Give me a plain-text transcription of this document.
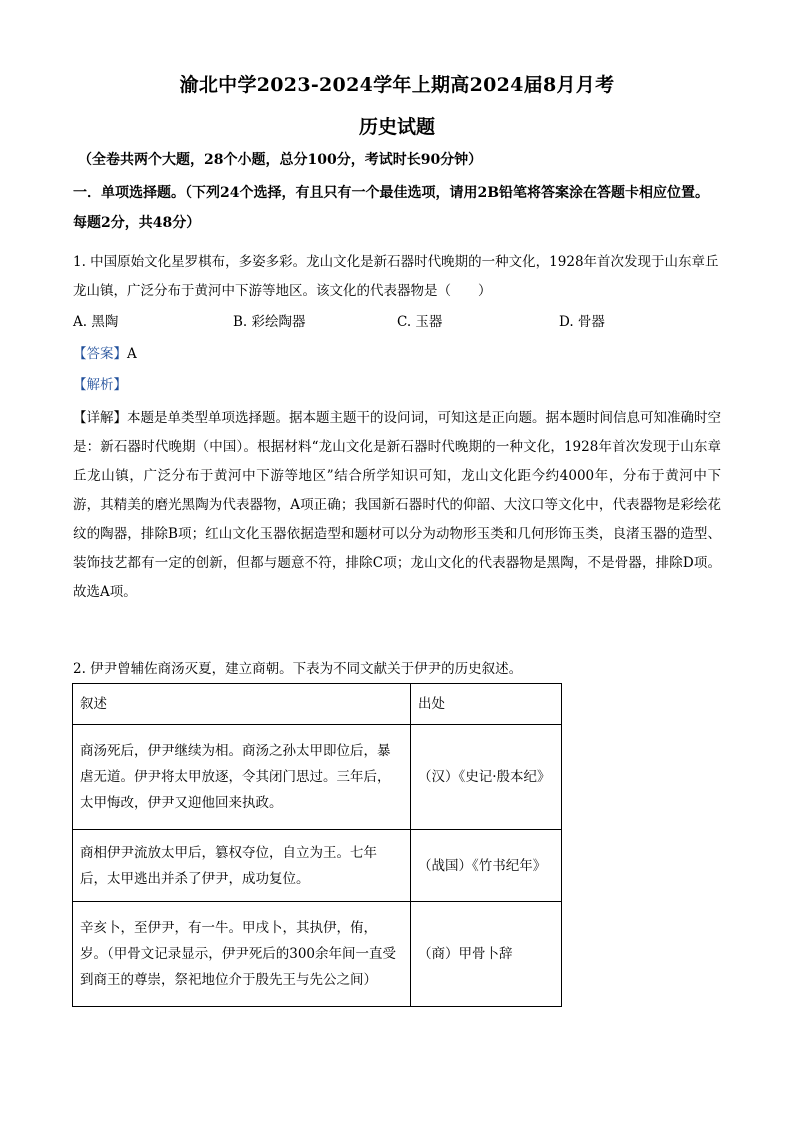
渝北中学2023-2024学年上期高2024届8月月考
历史试题
（全卷共两个大题，28个小题，总分100分，考试时长90分钟）
一．单项选择题。（下列24个选择，有且只有一个最佳选项，请用2B铅笔将答案涂在答题卡相应位置。每题2分，共48分）
1. 中国原始文化星罗棋布，多姿多彩。龙山文化是新石器时代晚期的一种文化，1928年首次发现于山东章丘龙山镇，广泛分布于黄河中下游等地区。该文化的代表器物是（　　）
A. 黑陶	B. 彩绘陶器	C. 玉器	D. 骨器
【答案】A
【解析】
【详解】本题是单类型单项选择题。据本题主题干的设问词，可知这是正向题。据本题时间信息可知准确时空是：新石器时代晚期（中国）。根据材料“龙山文化是新石器时代晚期的一种文化，1928年首次发现于山东章丘龙山镇，广泛分布于黄河中下游等地区”结合所学知识可知，龙山文化距今约4000年，分布于黄河中下游，其精美的磨光黑陶为代表器物，A项正确；我国新石器时代的仰韶、大汶口等文化中，代表器物是彩绘花纹的陶器，排除B项；红山文化玉器依据造型和题材可以分为动物形玉类和几何形饰玉类，良渚玉器的造型、装饰技艺都有一定的创新，但都与题意不符，排除C项；龙山文化的代表器物是黑陶，不是骨器，排除D项。故选A项。
2. 伊尹曾辅佐商汤灭夏，建立商朝。下表为不同文献关于伊尹的历史叙述。
叙述	出处
商汤死后，伊尹继续为相。商汤之孙太甲即位后，暴虐无道。伊尹将太甲放逐，令其闭门思过。三年后，太甲悔改，伊尹又迎他回来执政。	（汉）《史记·殷本纪》
商相伊尹流放太甲后，篡权夺位，自立为王。七年后，太甲逃出并杀了伊尹，成功复位。	（战国）《竹书纪年》
辛亥卜，至伊尹，有一牛。甲戌卜，其执伊，侑，岁。（甲骨文记录显示，伊尹死后的300余年间一直受到商王的尊崇，祭祀地位介于殷先王与先公之间）	（商）甲骨卜辞
